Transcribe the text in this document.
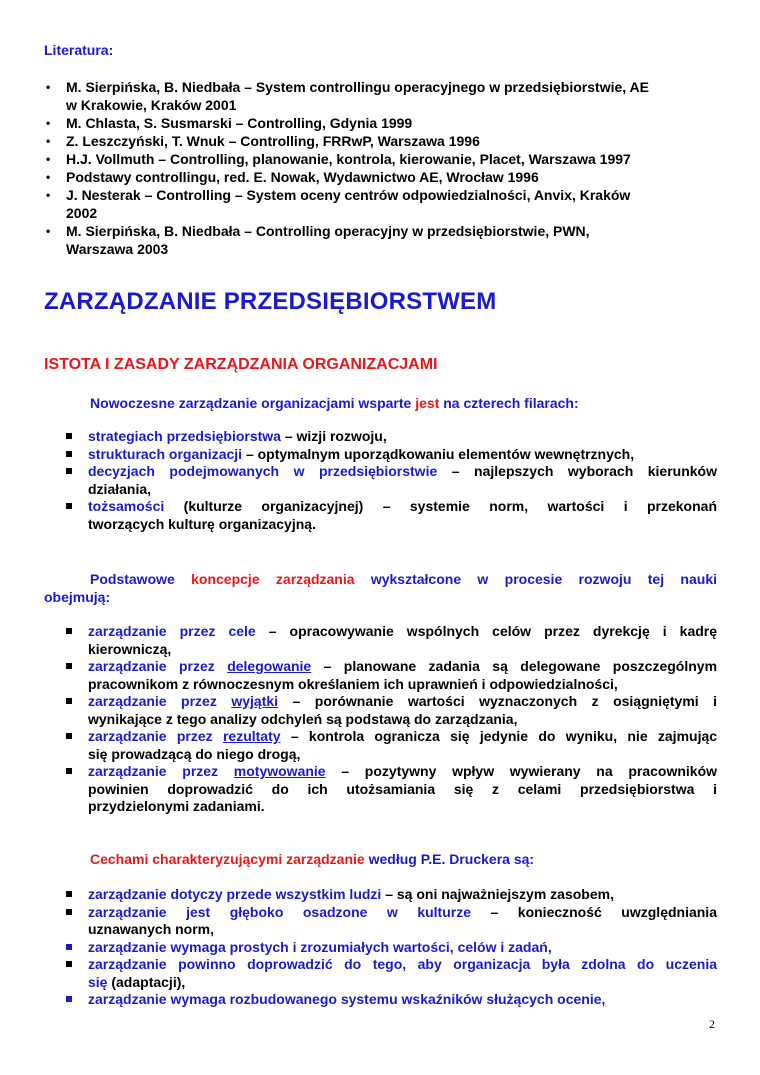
Literatura:
• M. Sierpińska, B. Niedbała – System controllingu operacyjnego w przedsiębiorstwie, AE
w Krakowie, Kraków 2001
• M. Chlasta, S. Susmarski – Controlling, Gdynia 1999
• Z. Leszczyński, T. Wnuk – Controlling, FRRwP, Warszawa 1996
• H.J. Vollmuth – Controlling, planowanie, kontrola, kierowanie, Placet, Warszawa 1997
• Podstawy controllingu, red. E. Nowak, Wydawnictwo AE, Wrocław 1996
• J. Nesterak – Controlling – System oceny centrów odpowiedzialności, Anvix, Kraków
2002
• M. Sierpińska, B. Niedbała – Controlling operacyjny w przedsiębiorstwie, PWN,
Warszawa 2003
ZARZĄDZANIE PRZEDSIĘBIORSTWEM
ISTOTA I ZASADY ZARZĄDZANIA ORGANIZACJAMI
Nowoczesne zarządzanie organizacjami wsparte jest na czterech filarach:
strategiach przedsiębiorstwa – wizji rozwoju,
strukturach organizacji – optymalnym uporządkowaniu elementów wewnętrznych,
decyzjach podejmowanych w przedsiębiorstwie – najlepszych wyborach kierunków
działania,
tożsamości (kulturze organizacyjnej) – systemie norm, wartości i przekonań
tworzących kulturę organizacyjną.
Podstawowe koncepcje zarządzania wykształcone w procesie rozwoju tej nauki
obejmują:
zarządzanie przez cele – opracowywanie wspólnych celów przez dyrekcję i kadrę
kierowniczą,
zarządzanie przez delegowanie – planowane zadania są delegowane poszczególnym
pracownikom z równoczesnym określaniem ich uprawnień i odpowiedzialności,
zarządzanie przez wyjątki – porównanie wartości wyznaczonych z osiągniętymi i
wynikające z tego analizy odchyleń są podstawą do zarządzania,
zarządzanie przez rezultaty – kontrola ogranicza się jedynie do wyniku, nie zajmując
się prowadzącą do niego drogą,
zarządzanie przez motywowanie – pozytywny wpływ wywierany na pracowników
powinien doprowadzić do ich utożsamiania się z celami przedsiębiorstwa i
przydzielonymi zadaniami.
Cechami charakteryzującymi zarządzanie według P.E. Druckera są:
zarządzanie dotyczy przede wszystkim ludzi – są oni najważniejszym zasobem,
zarządzanie jest głęboko osadzone w kulturze – konieczność uwzględniania
uznawanych norm,
zarządzanie wymaga prostych i zrozumiałych wartości, celów i zadań,
zarządzanie powinno doprowadzić do tego, aby organizacja była zdolna do uczenia
się (adaptacji),
zarządzanie wymaga rozbudowanego systemu wskaźników służących ocenie,
2
